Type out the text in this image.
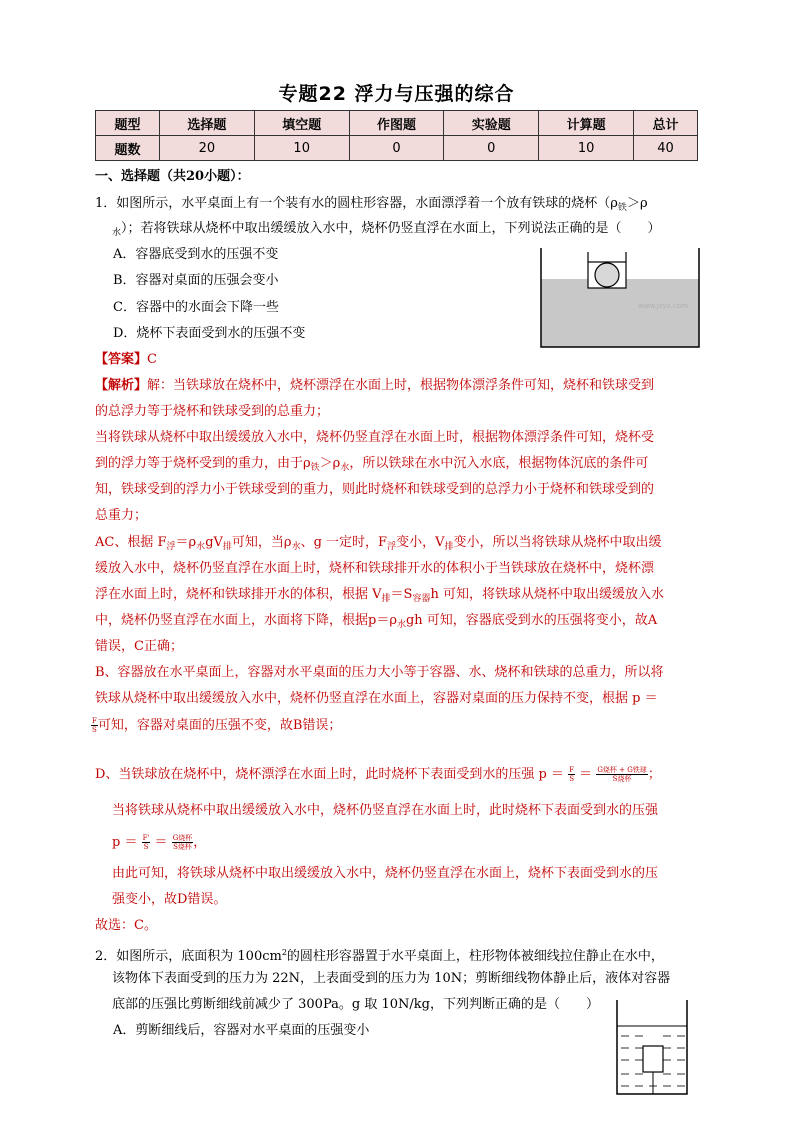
专题22 浮力与压强的综合
题型	选择题	填空题	作图题	实验题	计算题	总计
题数	20	10	0	0	10	40
一、选择题（共20小题）：
1．如图所示，水平桌面上有一个装有水的圆柱形容器，水面漂浮着一个放有铁球的烧杯（$\rho_铁>\rho$
$_水$）；若将铁球从烧杯中取出缓缓放入水中，烧杯仍竖直浮在水面上，下列说法正确的是（　　）
A．容器底受到水的压强不变
B．容器对桌面的压强会变小
C．容器中的水面会下降一些
D．烧杯下表面受到水的压强不变
www.jzyx.com
【答案】C
【解析】解：当铁球放在烧杯中，烧杯漂浮在水面上时，根据物体漂浮条件可知，烧杯和铁球受到
的总浮力等于烧杯和铁球受到的总重力；
当将铁球从烧杯中取出缓缓放入水中，烧杯仍竖直浮在水面上时，根据物体漂浮条件可知，烧杯受
到的浮力等于烧杯受到的重力，由于$\rho_铁>\rho_水$，所以铁球在水中沉入水底，根据物体沉底的条件可
知，铁球受到的浮力小于铁球受到的重力，则此时烧杯和铁球受到的总浮力小于烧杯和铁球受到的
总重力；
AC、根据 $F_浮=\rho_水gV_排$可知，当$\rho_水$、g 一定时，$F_浮$变小，$V_排$变小，所以当将铁球从烧杯中取出缓
缓放入水中，烧杯仍竖直浮在水面上时，烧杯和铁球排开水的体积小于当铁球放在烧杯中，烧杯漂
浮在水面上时，烧杯和铁球排开水的体积，根据 $V_排=S_{容器}h$ 可知，将铁球从烧杯中取出缓缓放入水
中，烧杯仍竖直浮在水面上，水面将下降，根据$p=\rho_水gh$ 可知，容器底受到水的压强将变小，故A
错误，C正确；
B、容器放在水平桌面上，容器对水平桌面的压力大小等于容器、水、烧杯和铁球的总重力，所以将
铁球从烧杯中取出缓缓放入水中，烧杯仍竖直浮在水面上，容器对桌面的压力保持不变，根据 p ＝
$\frac{F}{S}$ 可知，容器对桌面的压强不变，故B错误；
D、当铁球放在烧杯中，烧杯漂浮在水面上时，此时烧杯下表面受到水的压强 $p = \frac{F}{S} = \frac{\text{G烧杯 + G铁球}}{\text{S烧杯}}$ ；
当将铁球从烧杯中取出缓缓放入水中，烧杯仍竖直浮在水面上时，此时烧杯下表面受到水的压强
$p = \frac{F'}{S} = \frac{\text{G烧杯}}{\text{S烧杯}}$ ，
由此可知，将铁球从烧杯中取出缓缓放入水中，烧杯仍竖直浮在水面上，烧杯下表面受到水的压
强变小，故D错误。
故选：C。
2．如图所示，底面积为 $100cm^2$的圆柱形容器置于水平桌面上，柱形物体被细线拉住静止在水中，
该物体下表面受到的压力为 22N，上表面受到的压力为 10N；剪断细线物体静止后，液体对容器
底部的压强比剪断细线前减少了 300Pa。g 取 10N/kg，下列判断正确的是（　　）
A．剪断细线后，容器对水平桌面的压强变小
